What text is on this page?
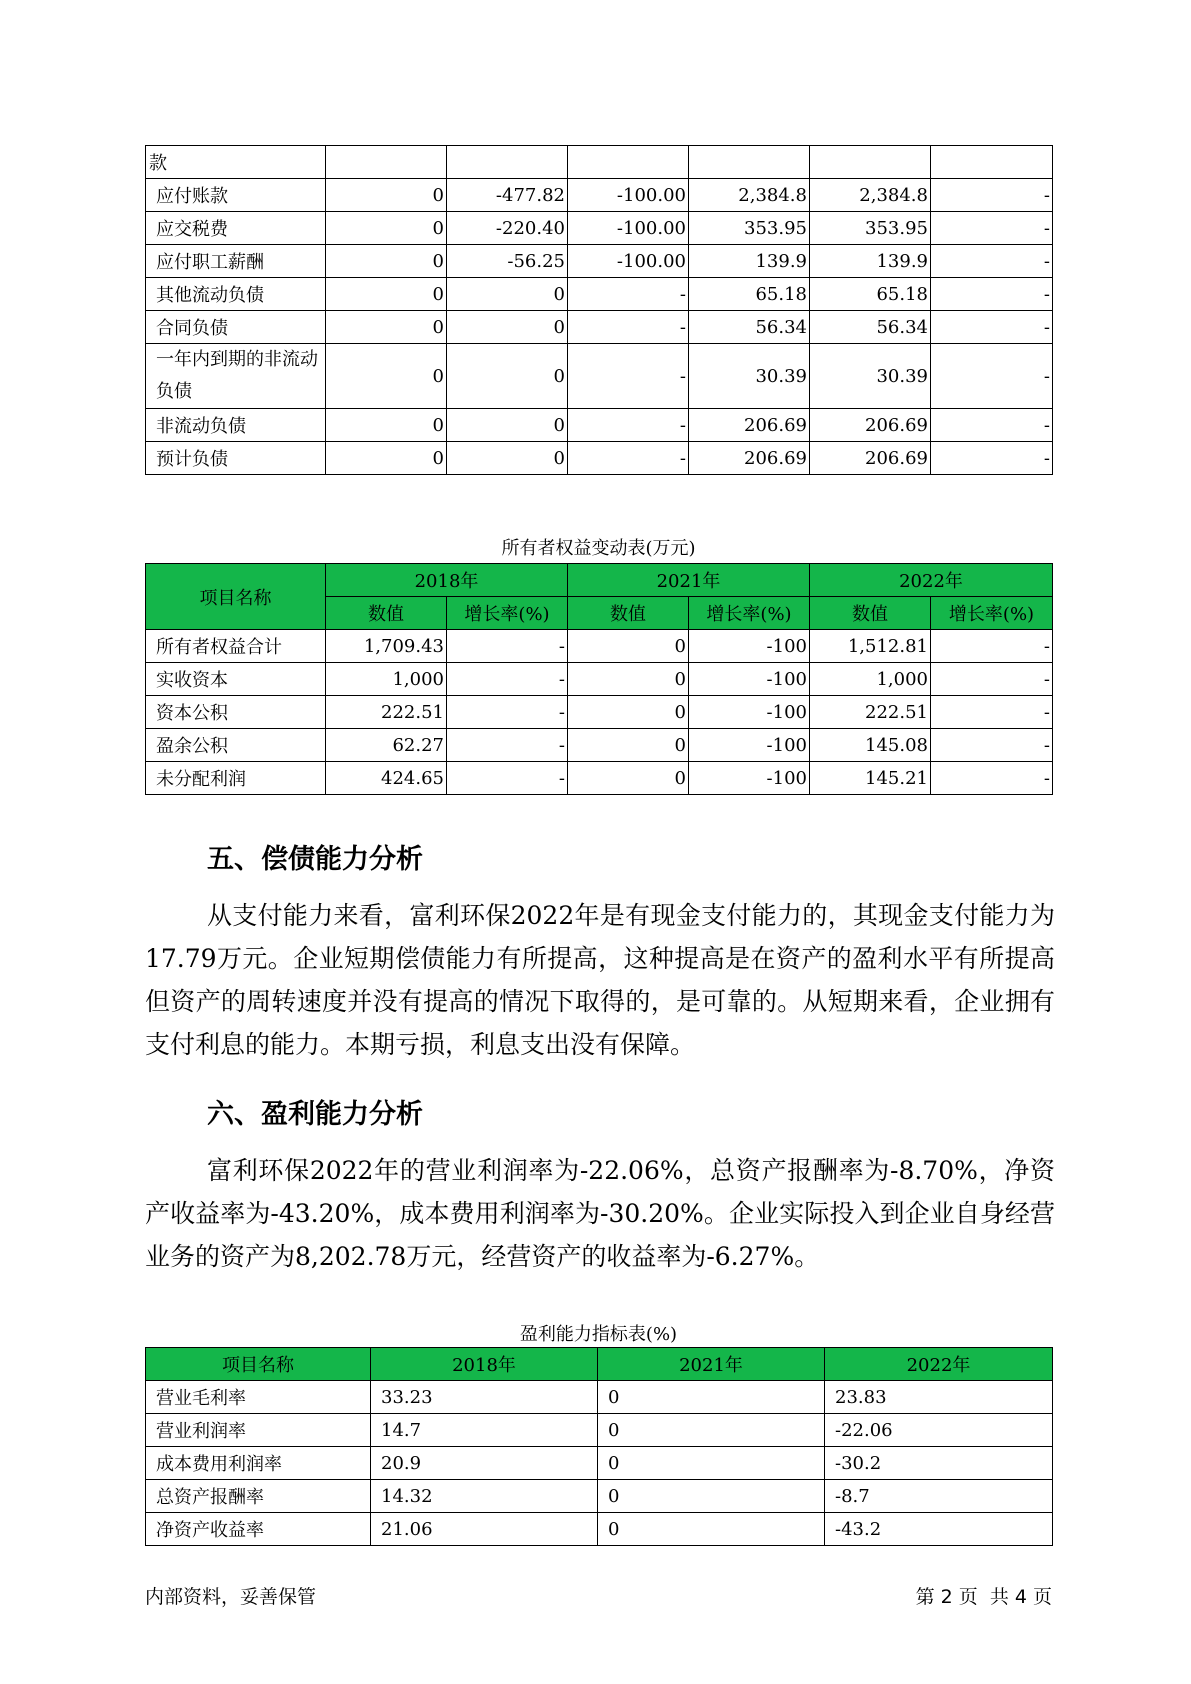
款						
应付账款	0	-477.82	-100.00	2,384.8	2,384.8	-
应交税费	0	-220.40	-100.00	353.95	353.95	-
应付职工薪酬	0	-56.25	-100.00	139.9	139.9	-
其他流动负债	0	0	-	65.18	65.18	-
合同负债	0	0	-	56.34	56.34	-
一年内到期的非流动负债	0	0	-	30.39	30.39	-
非流动负债	0	0	-	206.69	206.69	-
预计负债	0	0	-	206.69	206.69	-
所有者权益变动表(万元)
项目名称	2018年		2021年		2022年	
	数值	增长率(%)	数值	增长率(%)	数值	增长率(%)
所有者权益合计	1,709.43	-	0	-100	1,512.81	-
实收资本	1,000	-	0	-100	1,000	-
资本公积	222.51	-	0	-100	222.51	-
盈余公积	62.27	-	0	-100	145.08	-
未分配利润	424.65	-	0	-100	145.21	-
五、偿债能力分析
从支付能力来看，富利环保2022年是有现金支付能力的，其现金支付能力为17.79万元。企业短期偿债能力有所提高，这种提高是在资产的盈利水平有所提高但资产的周转速度并没有提高的情况下取得的，是可靠的。从短期来看，企业拥有支付利息的能力。本期亏损，利息支出没有保障。
六、盈利能力分析
富利环保2022年的营业利润率为-22.06%，总资产报酬率为-8.70%，净资产收益率为-43.20%，成本费用利润率为-30.20%。企业实际投入到企业自身经营业务的资产为8,202.78万元，经营资产的收益率为-6.27%。
盈利能力指标表(%)
项目名称	2018年	2021年	2022年
营业毛利率	33.23	0	23.83
营业利润率	14.7	0	-22.06
成本费用利润率	20.9	0	-30.2
总资产报酬率	14.32	0	-8.7
净资产收益率	21.06	0	-43.2
内部资料，妥善保管	第 2 页  共 4 页
